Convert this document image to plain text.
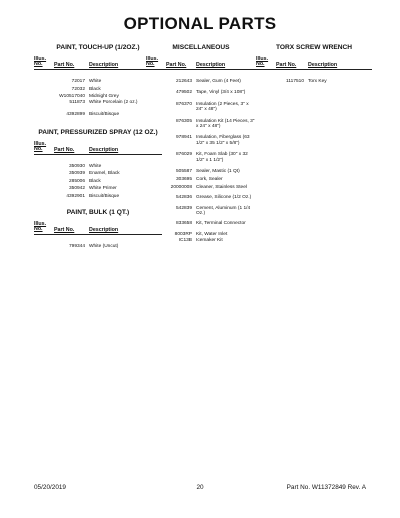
OPTIONAL PARTS
PAINT, TOUCH-UP (1/2OZ.)
Illus.
No.	Part No.	Description
72017 White
72032 Black
W10517040 Midnight Grey
511873 White Porcelain (2 oz.)
4392899 Biscuit/Bisque
PAINT, PRESSURIZED SPRAY (12 OZ.)
Illus.
No.	Part No.	Description
350930 White
350939 Enamel, Black
285006 Black
350942 White Primer
4392901 Biscuit/Bisque
PAINT, BULK (1 QT.)
Illus.
No.	Part No.	Description
799344 White (Uncut)
MISCELLANEOUS
Illus.
No.	Part No.	Description
212643 Sealer, Gum (4 Feet)
479502 Tape, Vinyl (3/4 x 108")
876370 Insulation (2 Pieces, 3" x 24" x 48")
876305 Insulation Kit (14 Pieces, 3" x 24" x 48")
978941 Insulation, Fiberglass (63 1/2" x 35 1/2" x 5/8")
876029 Kit, Foam Slab (30" x 32 1/2" x 1 1/2")
505587 Sealer, Mastic (1 Qt)
303695 Cork, Sealer
20000008 Cleaner, Stainless Steel
542836 Grease, Silicone (1/2 Oz.)
542839 Cement, Aluminum (1 1/4 Oz.)
833658 Kit, Terminal Connector
8003RP Kit, Water Inlet
IC13B Icemaker Kit
TORX SCREW WRENCH
Illus.
No.	Part No.	Description
1117510 Torx Key
05/20/2019	20	Part No. W11372849 Rev. A
